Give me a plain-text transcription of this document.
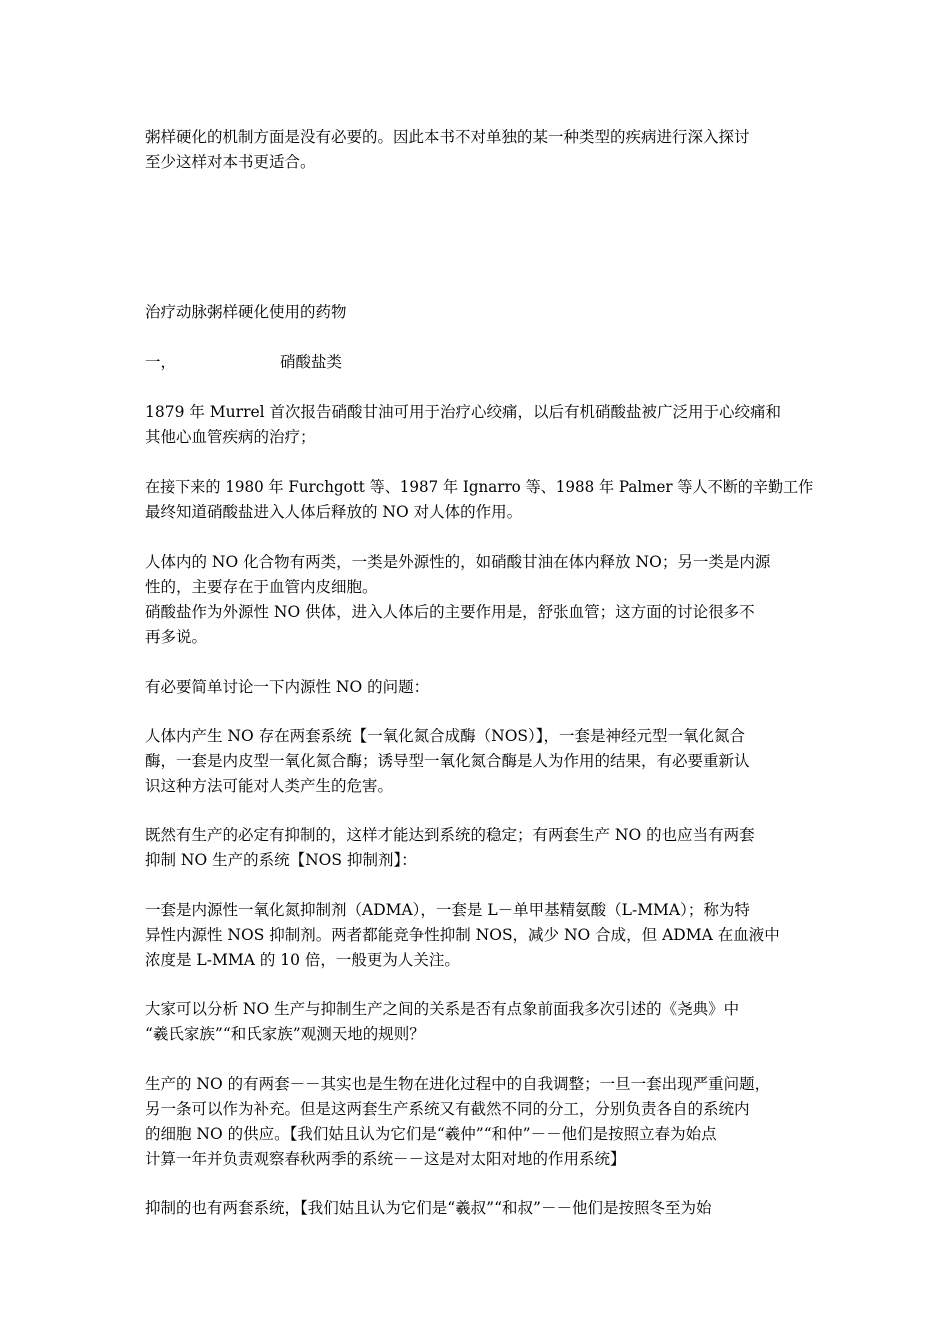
粥样硬化的机制方面是没有必要的。因此本书不对单独的某一种类型的疾病进行深入探讨
至少这样对本书更适合。

治疗动脉粥样硬化使用的药物

一，	硝酸盐类

1879 年 Murrel 首次报告硝酸甘油可用于治疗心绞痛，以后有机硝酸盐被广泛用于心绞痛和
其他心血管疾病的治疗；

在接下来的 1980 年 Furchgott 等、1987 年 Ignarro 等、1988 年 Palmer 等人不断的辛勤工作
最终知道硝酸盐进入人体后释放的 NO 对人体的作用。

人体内的 NO 化合物有两类，一类是外源性的，如硝酸甘油在体内释放 NO；另一类是内源
性的，主要存在于血管内皮细胞。
硝酸盐作为外源性 NO 供体，进入人体后的主要作用是，舒张血管；这方面的讨论很多不
再多说。

有必要简单讨论一下内源性 NO 的问题：

人体内产生 NO 存在两套系统【一氧化氮合成酶（NOS）】，一套是神经元型一氧化氮合
酶，一套是内皮型一氧化氮合酶；诱导型一氧化氮合酶是人为作用的结果，有必要重新认
识这种方法可能对人类产生的危害。

既然有生产的必定有抑制的，这样才能达到系统的稳定；有两套生产 NO 的也应当有两套
抑制 NO 生产的系统【NOS 抑制剂】：

一套是内源性一氧化氮抑制剂（ADMA），一套是 L－单甲基精氨酸（L-MMA）；称为特
异性内源性 NOS 抑制剂。两者都能竞争性抑制 NOS，减少 NO 合成，但 ADMA 在血液中
浓度是 L-MMA 的 10 倍，一般更为人关注。

大家可以分析 NO 生产与抑制生产之间的关系是否有点象前面我多次引述的《尧典》中
“羲氏家族”“和氏家族”观测天地的规则？

生产的 NO 的有两套－－其实也是生物在进化过程中的自我调整；一旦一套出现严重问题，
另一条可以作为补充。但是这两套生产系统又有截然不同的分工，分别负责各自的系统内
的细胞 NO 的供应。【我们姑且认为它们是“羲仲”“和仲”－－他们是按照立春为始点
计算一年并负责观察春秋两季的系统－－这是对太阳对地的作用系统】

抑制的也有两套系统，【我们姑且认为它们是“羲叔”“和叔”－－他们是按照冬至为始
